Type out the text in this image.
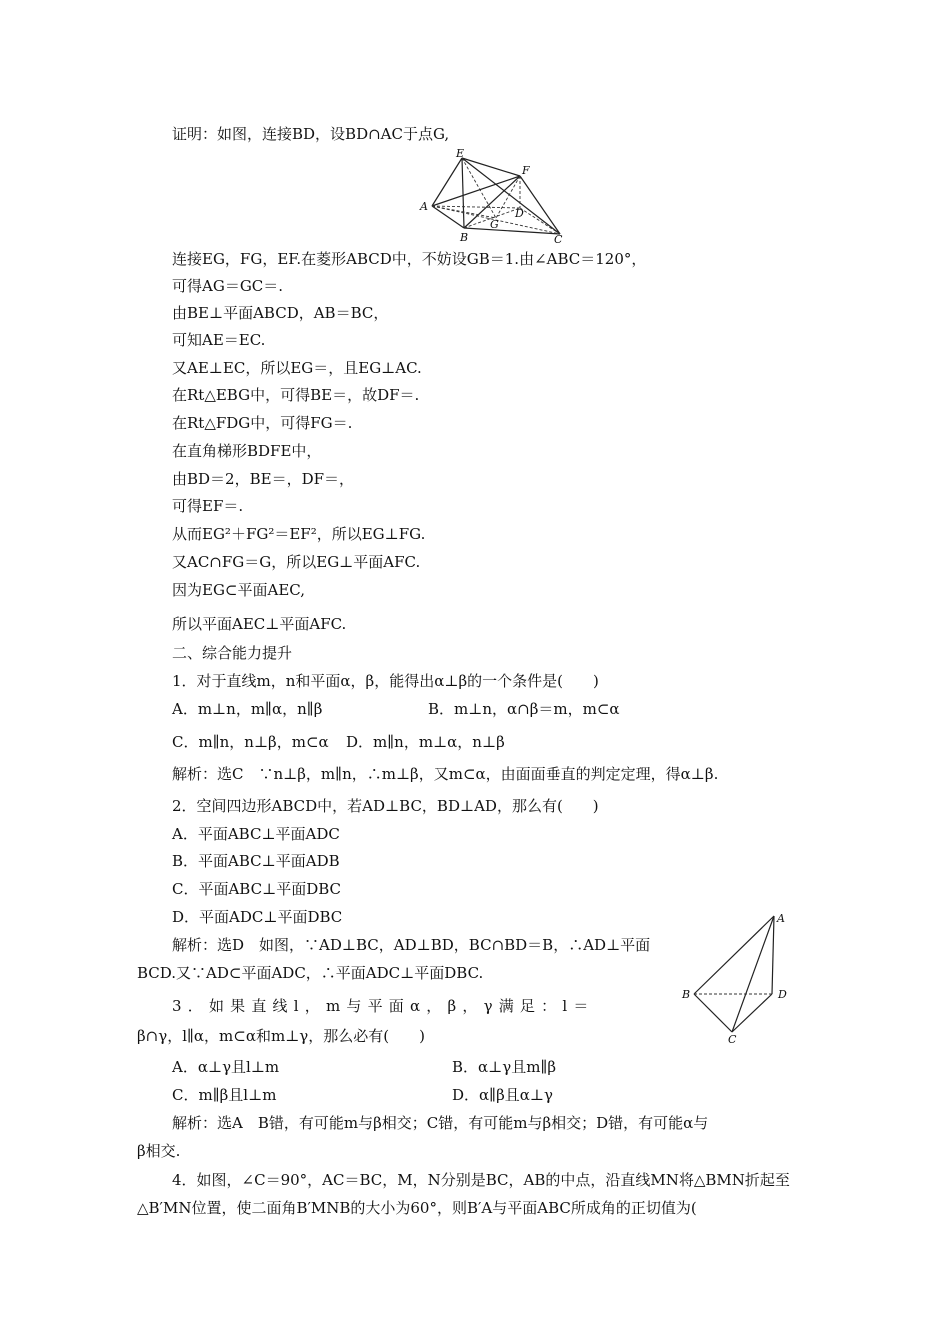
证明：如图，连接BD，设BD∩AC于点G,
E
F
A
G
D
B	C
连接EG，FG，EF.在菱形ABCD中，不妨设GB＝1.由∠ABC＝120°，
可得AG＝GC＝.
由BE⊥平面ABCD，AB＝BC，
可知AE＝EC.
又AE⊥EC，所以EG＝，且EG⊥AC.
在Rt△EBG中，可得BE＝，故DF＝.
在Rt△FDG中，可得FG＝.
在直角梯形BDFE中，
由BD＝2，BE＝，DF＝，
可得EF＝.
从而EG²＋FG²＝EF²，所以EG⊥FG.
又AC∩FG＝G，所以EG⊥平面AFC.
因为EG⊂平面AEC,
所以平面AEC⊥平面AFC.
二、综合能力提升
1．对于直线m，n和平面α，β，能得出α⊥β的一个条件是(　　)
A．m⊥n，m∥α，n∥β	B．m⊥n，α∩β＝m，m⊂α
C．m∥n，n⊥β，m⊂α D．m∥n，m⊥α，n⊥β
解析：选C　∵n⊥β，m∥n，∴m⊥β，又m⊂α，由面面垂直的判定定理，得α⊥β.
2．空间四边形ABCD中，若AD⊥BC，BD⊥AD，那么有(　　)
A．平面ABC⊥平面ADC
B．平面ABC⊥平面ADB
C．平面ABC⊥平面DBC
D．平面ADC⊥平面DBC
解析：选D　如图，∵AD⊥BC，AD⊥BD，BC∩BD＝B，∴AD⊥平面
BCD.又∵AD⊂平面ADC，∴平面ADC⊥平面DBC.
A
B	D
C
3．如果直线l，m与平面α，β，γ满足：l＝
β∩γ，l∥α，m⊂α和m⊥γ，那么必有(　　)
A．α⊥γ且l⊥m	B．α⊥γ且m∥β
C．m∥β且l⊥m	D．α∥β且α⊥γ
解析：选A　B错，有可能m与β相交；C错，有可能m与β相交；D错，有可能α与
β相交.
4．如图，∠C＝90°，AC＝BC，M，N分别是BC，AB的中点，沿直线MN将△BMN折起至
△B′MN位置，使二面角B′MNB的大小为60°，则B′A与平面ABC所成角的正切值为(
